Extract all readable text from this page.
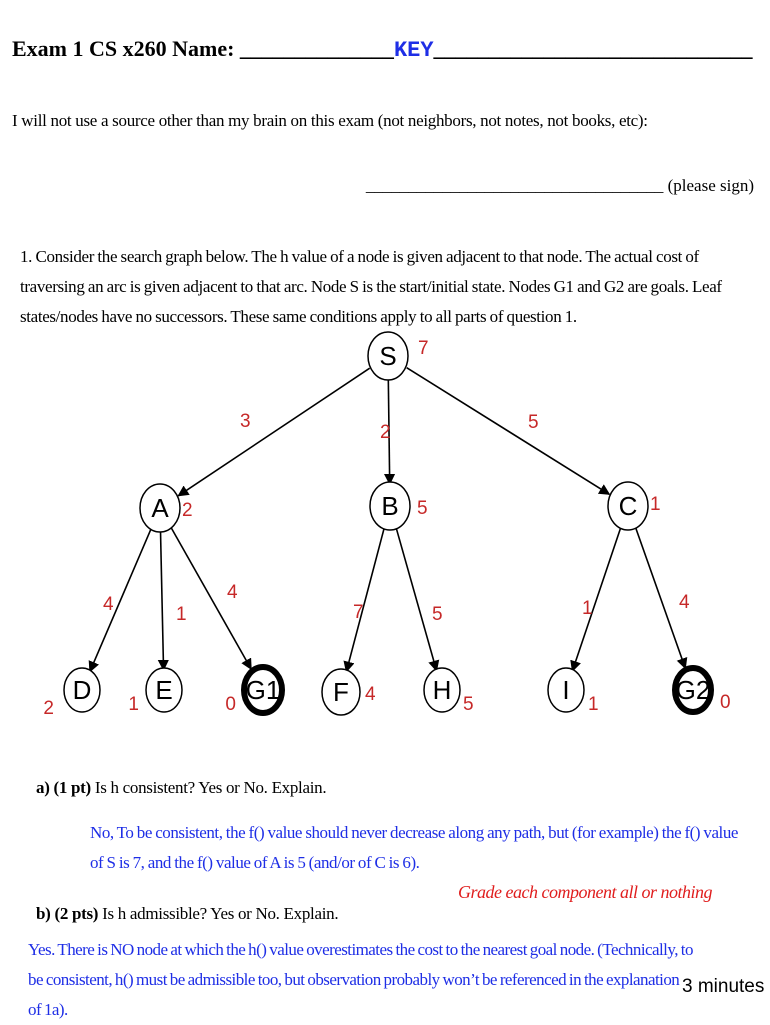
Exam 1 CS x260 Name: ______________KEY_____________________________
I will not use a source other than my brain on this exam (not neighbors, not notes, not books, etc):
___________________________________ (please sign)
1. Consider the search graph below. The h value of a node is given adjacent to that node. The actual cost of traversing an arc is given adjacent to that arc. Node S is the start/initial state. Nodes G1 and G2 are goals. Leaf states/nodes have no successors. These same conditions apply to all parts of question 1.
3
2	5
4	1
4
7	5	1	4
S 7
A 2	B 5	C 1
D
2
E
1	G1
0	F 4 H 5	I 1	G2 0
a) (1 pt) Is h consistent? Yes or No. Explain.
No, To be consistent, the f() value should never decrease along any path, but (for example) the f() value of S is 7, and the f() value of A is 5 (and/or of C is 6).
Grade each component all or nothing
b) (2 pts) Is h admissible? Yes or No. Explain.
Yes. There is NO node at which the h() value overestimates the cost to the nearest goal node. (Technically, to be consistent, h() must be admissible too, but observation probably won’t be referenced in the explanation of 1a).
3 minutes
